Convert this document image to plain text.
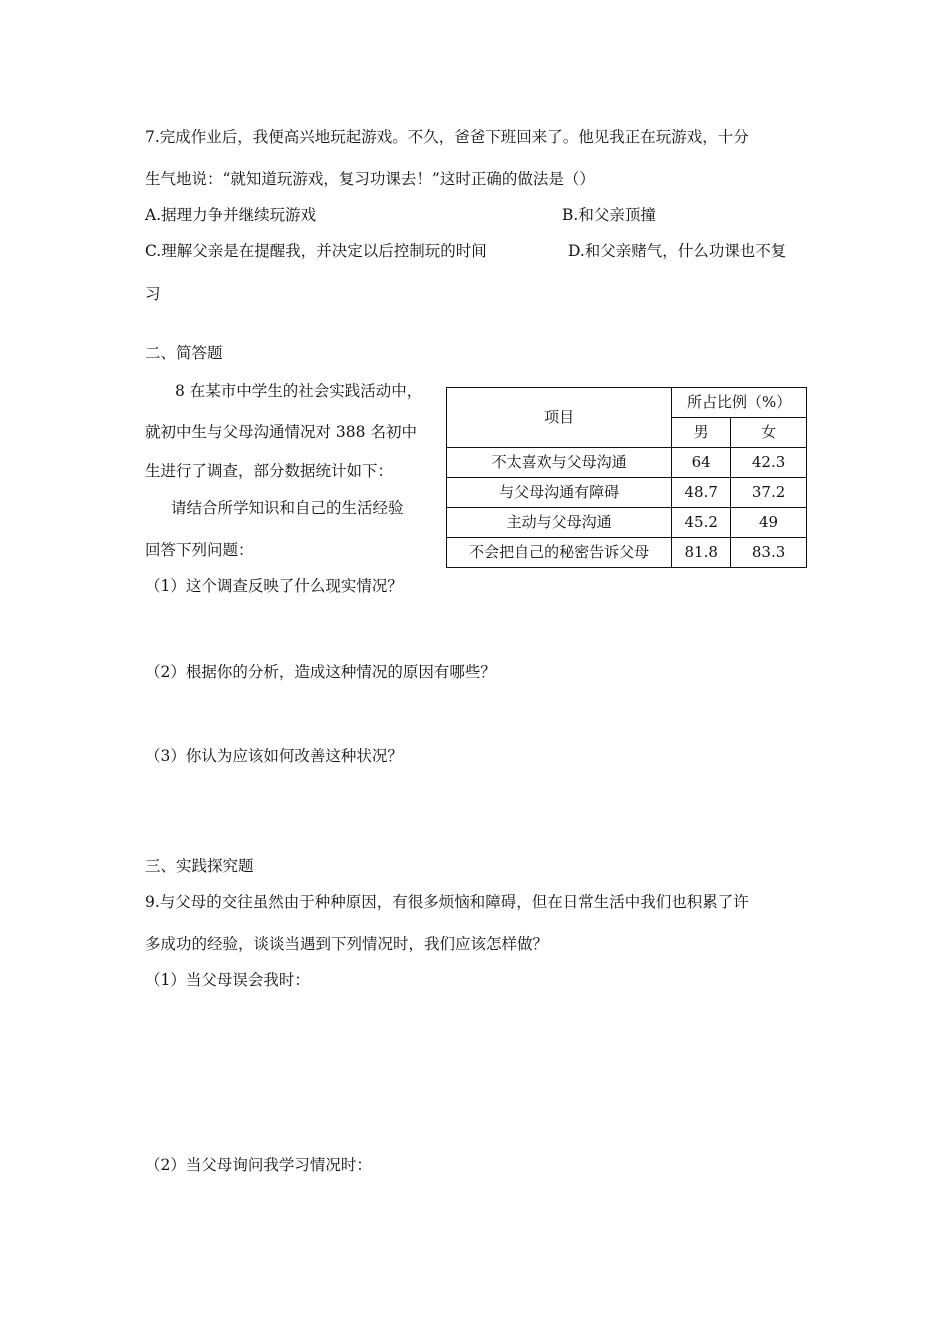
7.完成作业后，我便高兴地玩起游戏。不久，爸爸下班回来了。他见我正在玩游戏，十分
生气地说：“就知道玩游戏，复习功课去！”这时正确的做法是（）
A.据理力争并继续玩游戏	B.和父亲顶撞
C.理解父亲是在提醒我，并决定以后控制玩的时间	D.和父亲赌气，什么功课也不复
习
二、简答题
8 在某市中学生的社会实践活动中，
就初中生与父母沟通情况对 388 名初中
生进行了调查，部分数据统计如下：
请结合所学知识和自己的生活经验
回答下列问题：
项目	所占比例（%）	
	男	女
不太喜欢与父母沟通	64	42.3
与父母沟通有障碍	48.7	37.2
主动与父母沟通	45.2	49
不会把自己的秘密告诉父母	81.8	83.3
（1）这个调查反映了什么现实情况？
（2）根据你的分析，造成这种情况的原因有哪些？
（3）你认为应该如何改善这种状况？
三、实践探究题
9.与父母的交往虽然由于种种原因，有很多烦恼和障碍，但在日常生活中我们也积累了许
多成功的经验，谈谈当遇到下列情况时，我们应该怎样做？
（1）当父母误会我时：
（2）当父母询问我学习情况时：
